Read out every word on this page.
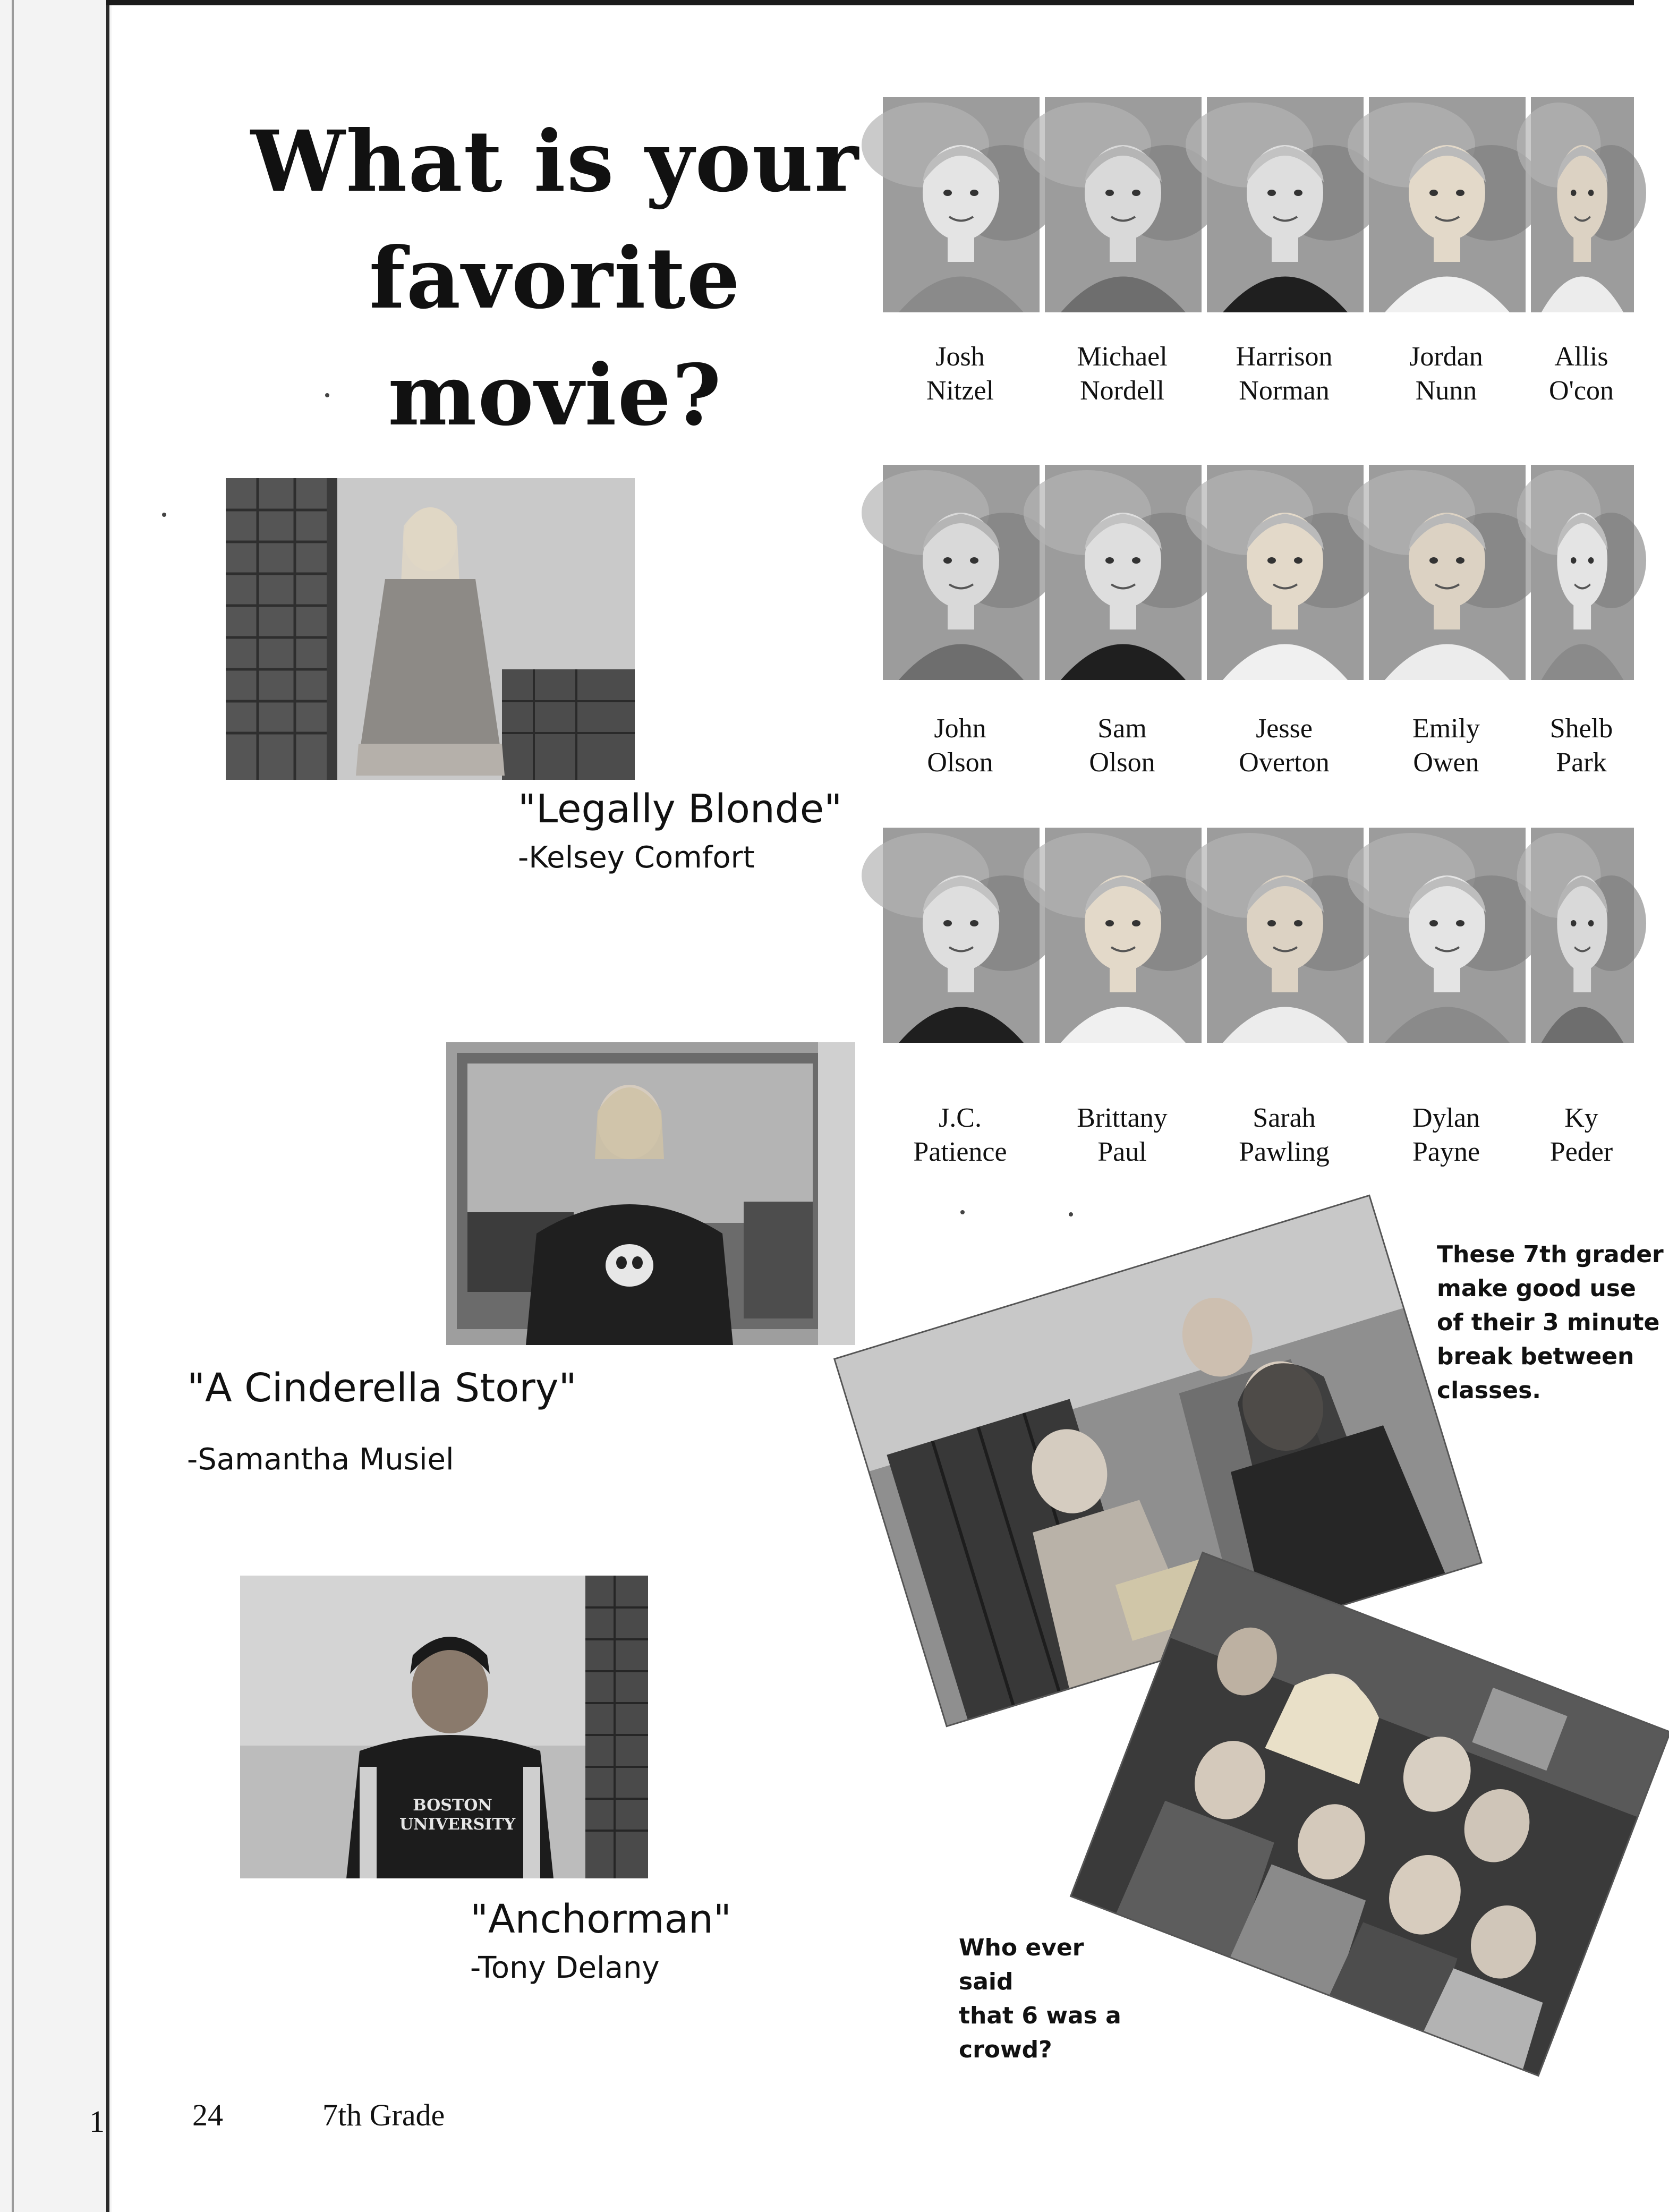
What is your
favorite movie?
"Legally Blonde"
-Kelsey Comfort
"A Cinderella Story"
-Samantha Musiel
BOSTON
UNIVERSITY
"Anchorman"
-Tony Delany
Josh
Nitzel
Michael
Nordell
Harrison
Norman
Jordan
Nunn
Allis
O'con
John
Olson
Sam
Olson
Jesse
Overton
Emily
Owen
Shelb
Park
J.C.
Patience
Brittany
Paul
Sarah
Pawling
Dylan
Payne
Ky
Peder
These 7th grader
make good use
of their 3 minute
break between
classes.
Who ever said
that 6 was a
crowd?
1	24	7th Grade
